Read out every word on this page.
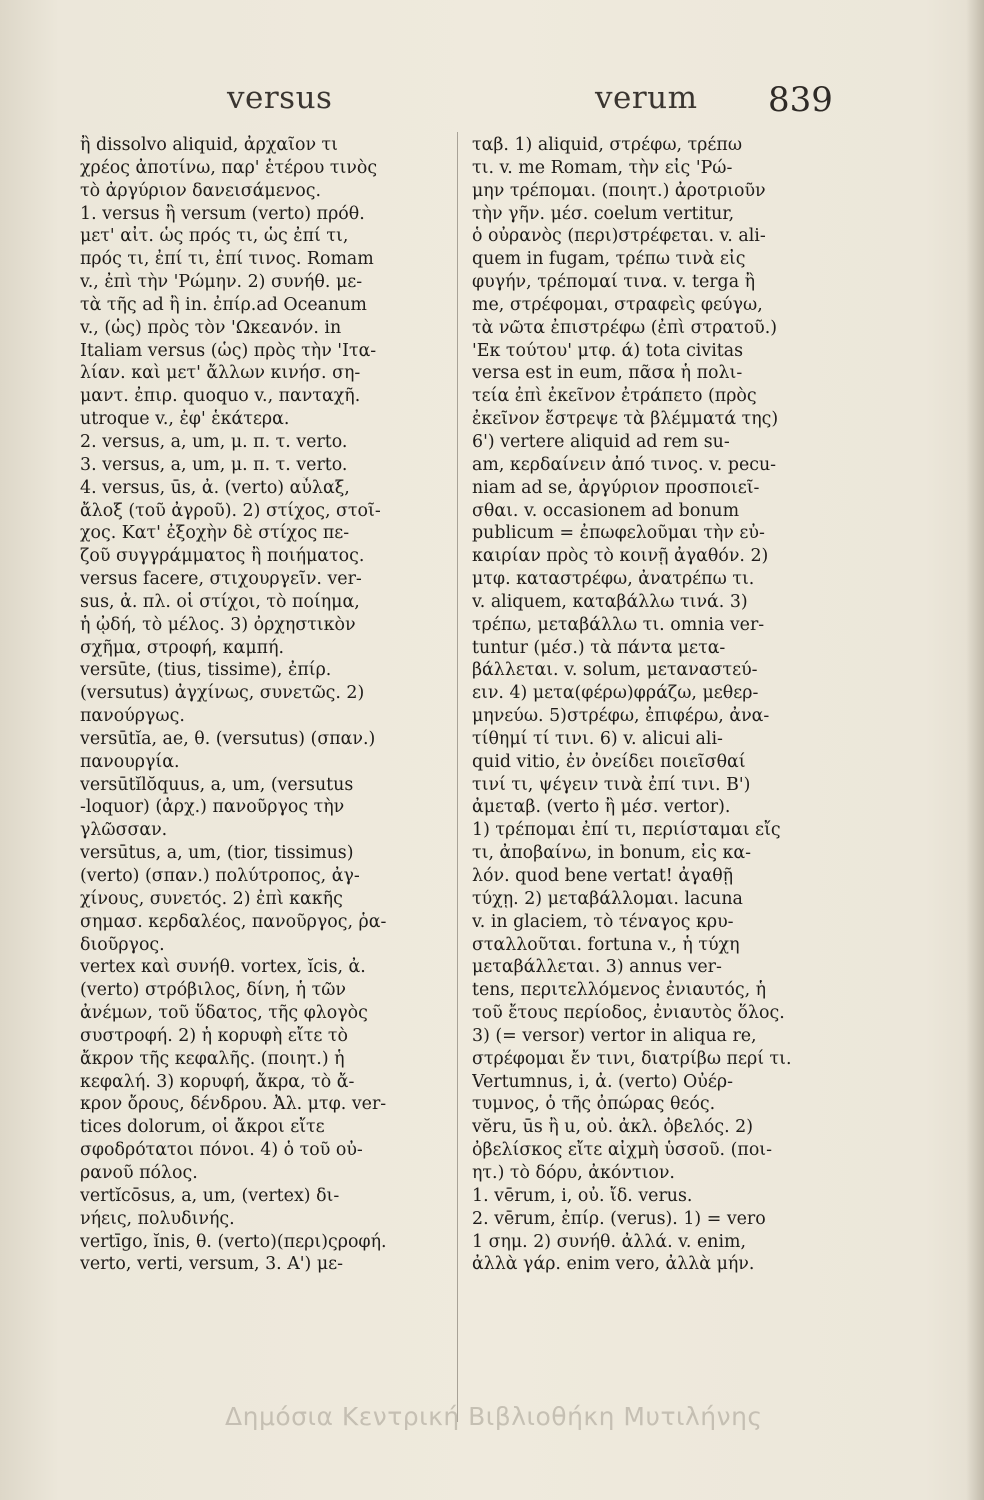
versus	verum 839
ἢ dissolvo aliquid, ἀρχαῖον τι
χρέος ἀποτίνω, παρ' ἑτέρου τινὸς
τὸ ἀργύριον δανεισάμενος.
1. versus ἢ versum (verto) πρόθ.
μετ' αἰτ. ὡς πρός τι, ὡς ἐπί τι,
πρός τι, ἐπί τι, ἐπί τινος. Romam
v., ἐπὶ τὴν 'Ρώμην. 2) συνήθ. με-
τὰ τῆς ad ἢ in. ἐπίρ.ad Oceanum
v., (ὡς) πρὸς τὸν 'Ωκεανόν. in
Italiam versus (ὡς) πρὸς τὴν 'Ιτα-
λίαν. καὶ μετ' ἄλλων κινήσ. ση-
μαντ. ἐπιρ. quoquo v., πανταχῆ.
utroque v., ἐφ' ἑκάτερα.
2. versus, a, um, μ. π. τ. verto.
3. versus, a, um, μ. π. τ. verto.
4. versus, ūs, ἀ. (verto) αὖλαξ,
ἄλοξ (τοῦ ἀγροῦ). 2) στίχος, στοῖ-
χος. Κατ' ἐξοχὴν δὲ στίχος πε-
ζοῦ συγγράμματος ἢ ποιήματος.
versus facere, στιχουργεῖν. ver-
sus, ἀ. πλ. οἱ στίχοι, τὸ ποίημα,
ἡ ᾠδή, τὸ μέλος. 3) ὀρχηστικὸν
σχῆμα, στροφή, καμπή.
versūte, (tius, tissime), ἐπίρ.
(versutus) ἀγχίνως, συνετῶς. 2)
πανούργως.
versūtĭa, ae, θ. (versutus) (σπαν.)
πανουργία.
versūtĭlŏquus, a, um, (versutus
-loquor) (ἀρχ.) πανοῦργος τὴν
γλῶσσαν.
versūtus, a, um, (tior, tissimus)
(verto) (σπαν.) πολύτροπος, ἀγ-
χίνους, συνετός. 2) ἐπὶ κακῆς
σημασ. κερδαλέος, πανοῦργος, ῥα-
διοῦργος.
vertex καὶ συνήθ. vortex, ĭcis, ἀ.
(verto) στρόβιλος, δίνη, ἡ τῶν
ἀνέμων, τοῦ ὕδατος, τῆς φλογὸς
συστροφή. 2) ἡ κορυφὴ εἴτε τὸ
ἄκρον τῆς κεφαλῆς. (ποιητ.) ἡ
κεφαλή. 3) κορυφή, ἄκρα, τὸ ἄ-
κρον ὄρους, δένδρου. Ἀλ. μτφ. ver-
tices dolorum, οἱ ἄκροι εἴτε
σφοδρότατοι πόνοι. 4) ὁ τοῦ οὐ-
ρανοῦ πόλος.
vertĭcōsus, a, um, (vertex) δι-
νήεις, πολυδινής.
vertīgo, ĭnis, θ. (verto)(περι)ςροφή.
verto, verti, versum, 3. Α') με-
ταβ. 1) aliquid, στρέφω, τρέπω
τι. v. me Romam, τὴν εἰς 'Ρώ-
μην τρέπομαι. (ποιητ.) ἀροτριοῦν
τὴν γῆν. μέσ. coelum vertitur,
ὁ οὐρανὸς (περι)στρέφεται. v. ali-
quem in fugam, τρέπω τινὰ εἰς
φυγήν, τρέπομαί τινα. v. terga ἢ
me, στρέφομαι, στραφεὶς φεύγω,
τὰ νῶτα ἐπιστρέφω (ἐπὶ στρατοῦ.)
'Εκ τούτου' μτφ. ά) tota civitas
versa est in eum, πᾶσα ἡ πολι-
τεία ἐπὶ ἐκεῖνον ἐτράπετο (πρὸς
ἐκεῖνον ἔστρεψε τὰ βλέμματά της)
6') vertere aliquid ad rem su-
am, κερδαίνειν ἀπό τινος. v. pecu-
niam ad se, ἀργύριον προσποιεῖ-
σθαι. v. occasionem ad bonum
publicum = ἐπωφελοῦμαι τὴν εὐ-
καιρίαν πρὸς τὸ κοινῇ ἀγαθόν. 2)
μτφ. καταστρέφω, ἀνατρέπω τι.
v. aliquem, καταβάλλω τινά. 3)
τρέπω, μεταβάλλω τι. omnia ver-
tuntur (μέσ.) τὰ πάντα μετα-
βάλλεται. v. solum, μεταναστεύ-
ειν. 4) μετα(φέρω)φράζω, μεθερ-
μηνεύω. 5)στρέφω, ἐπιφέρω, ἀνα-
τίθημί τί τινι. 6) v. alicui ali-
quid vitio, ἐν ὀνείδει ποιεῖσθαί
τινί τι, ψέγειν τινὰ ἐπί τινι. Β')
ἀμεταβ. (verto ἢ μέσ. vertor).
1) τρέπομαι ἐπί τι, περιίσταμαι εἴς
τι, ἀποβαίνω, in bonum, εἰς κα-
λόν. quod bene vertat! ἀγαθῇ
τύχῃ. 2) μεταβάλλομαι. lacuna
v. in glaciem, τὸ τέναγος κρυ-
σταλλοῦται. fortuna v., ἡ τύχη
μεταβάλλεται. 3) annus ver-
tens, περιτελλόμενος ἐνιαυτός, ἡ
τοῦ ἔτους περίοδος, ἐνιαυτὸς ὅλος.
3) (= versor) vertor in aliqua re,
στρέφομαι ἔν τινι, διατρίβω περί τι.
Vertumnus, i, ἀ. (verto) Οὐέρ-
τυμνος, ὁ τῆς ὀπώρας θεός.
vĕru, ūs ἢ u, οὐ. ἀκλ. ὀβελός. 2)
ὀβελίσκος εἴτε αἰχμὴ ὑσσοῦ. (ποι-
ητ.) τὸ δόρυ, ἀκόντιον.
1. vērum, i, οὐ. ἴδ. verus.
2. vērum, ἐπίρ. (verus). 1) = vero
1 σημ. 2) συνήθ. ἀλλά. v. enim,
ἀλλὰ γάρ. enim vero, ἀλλὰ μήν.
Δημόσια Κεντρική Βιβλιοθήκη Μυτιλήνης
